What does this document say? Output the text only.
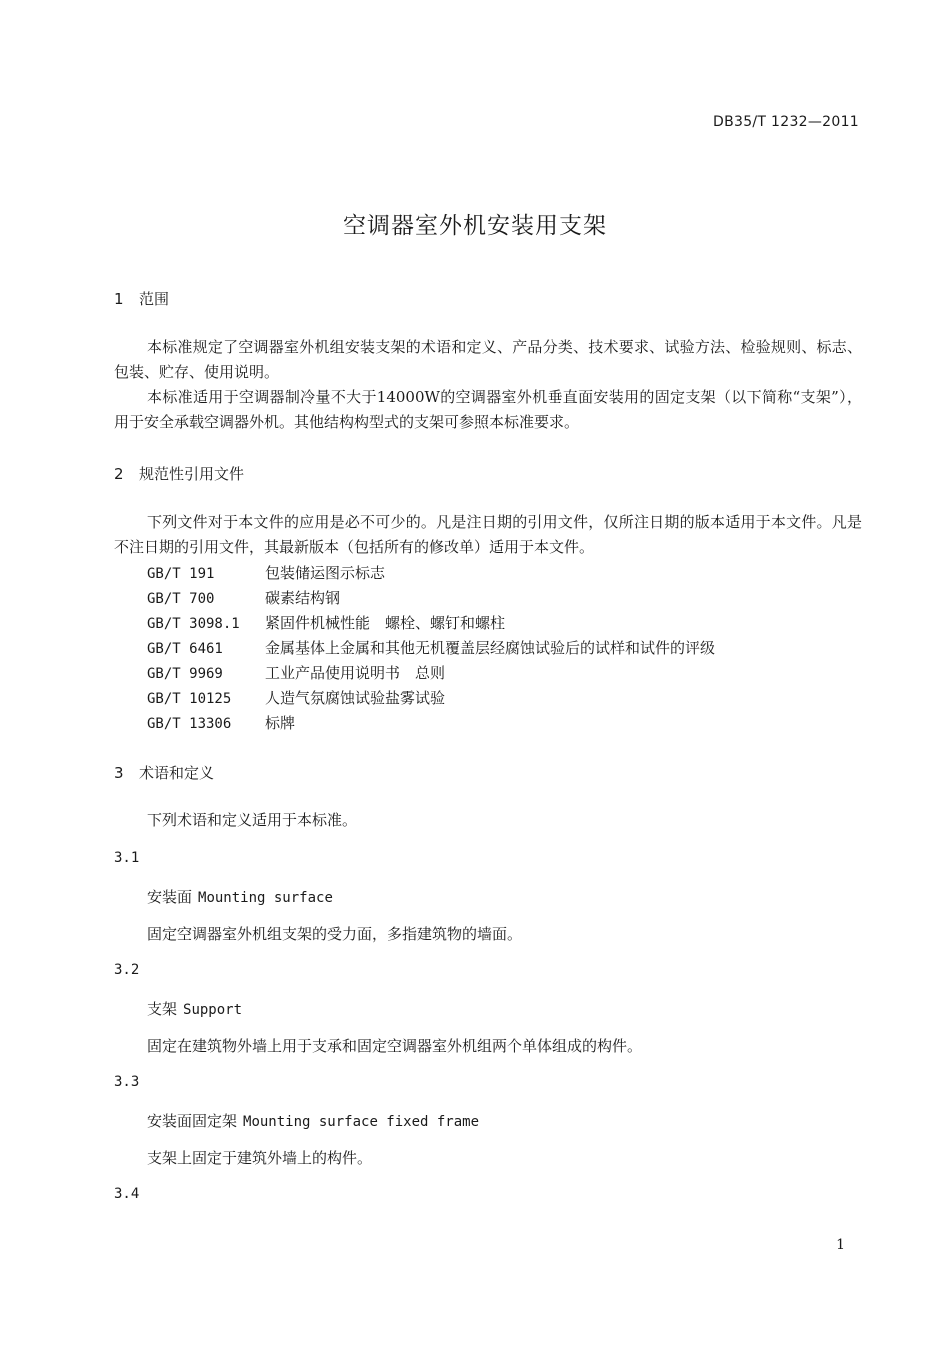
DB35/T 1232—2011
空调器室外机安装用支架
1 范围
本标准规定了空调器室外机组安装支架的术语和定义、产品分类、技术要求、试验方法、检验规则、标志、包装、贮存、使用说明。
本标准适用于空调器制冷量不大于14000W的空调器室外机垂直面安装用的固定支架（以下简称“支架”），用于安全承载空调器外机。其他结构构型式的支架可参照本标准要求。
2 规范性引用文件
下列文件对于本文件的应用是必不可少的。凡是注日期的引用文件，仅所注日期的版本适用于本文件。凡是不注日期的引用文件，其最新版本（包括所有的修改单）适用于本文件。
GB/T 191	包装储运图示标志
GB/T 700	碳素结构钢
GB/T 3098.1 紧固件机械性能　螺栓、螺钉和螺柱
GB/T 6461	金属基体上金属和其他无机覆盖层经腐蚀试验后的试样和试件的评级
GB/T 9969	工业产品使用说明书　总则
GB/T 10125 人造气氛腐蚀试验盐雾试验
GB/T 13306 标牌
3 术语和定义
下列术语和定义适用于本标准。
3.1
安装面 Mounting surface
固定空调器室外机组支架的受力面，多指建筑物的墙面。
3.2
支架 Support
固定在建筑物外墙上用于支承和固定空调器室外机组两个单体组成的构件。
3.3
安装面固定架 Mounting surface fixed frame
支架上固定于建筑外墙上的构件。
3.4
1
